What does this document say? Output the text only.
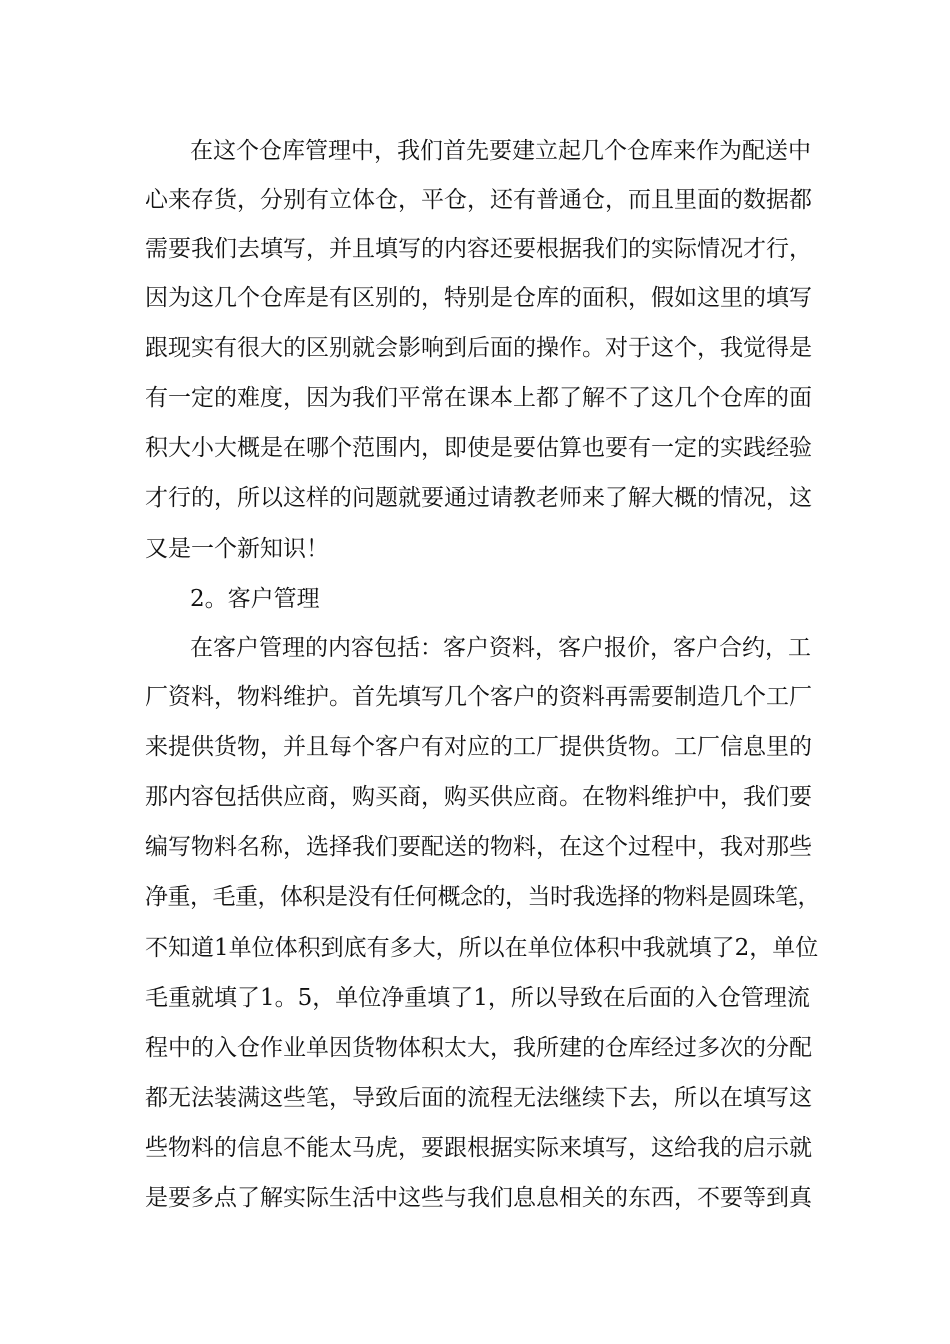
在这个仓库管理中，我们首先要建立起几个仓库来作为配送中

心来存货，分别有立体仓，平仓，还有普通仓，而且里面的数据都

需要我们去填写，并且填写的内容还要根据我们的实际情况才行，

因为这几个仓库是有区别的，特别是仓库的面积，假如这里的填写

跟现实有很大的区别就会影响到后面的操作。对于这个，我觉得是

有一定的难度，因为我们平常在课本上都了解不了这几个仓库的面

积大小大概是在哪个范围内，即使是要估算也要有一定的实践经验

才行的，所以这样的问题就要通过请教老师来了解大概的情况，这

又是一个新知识！

2。客户管理

在客户管理的内容包括：客户资料，客户报价，客户合约，工

厂资料，物料维护。首先填写几个客户的资料再需要制造几个工厂

来提供货物，并且每个客户有对应的工厂提供货物。工厂信息里的

那内容包括供应商，购买商，购买供应商。在物料维护中，我们要

编写物料名称，选择我们要配送的物料，在这个过程中，我对那些

净重，毛重，体积是没有任何概念的，当时我选择的物料是圆珠笔，

不知道1单位体积到底有多大，所以在单位体积中我就填了2，单位

毛重就填了1。5，单位净重填了1，所以导致在后面的入仓管理流

程中的入仓作业单因货物体积太大，我所建的仓库经过多次的分配

都无法装满这些笔，导致后面的流程无法继续下去，所以在填写这

些物料的信息不能太马虎，要跟根据实际来填写，这给我的启示就

是要多点了解实际生活中这些与我们息息相关的东西，不要等到真
